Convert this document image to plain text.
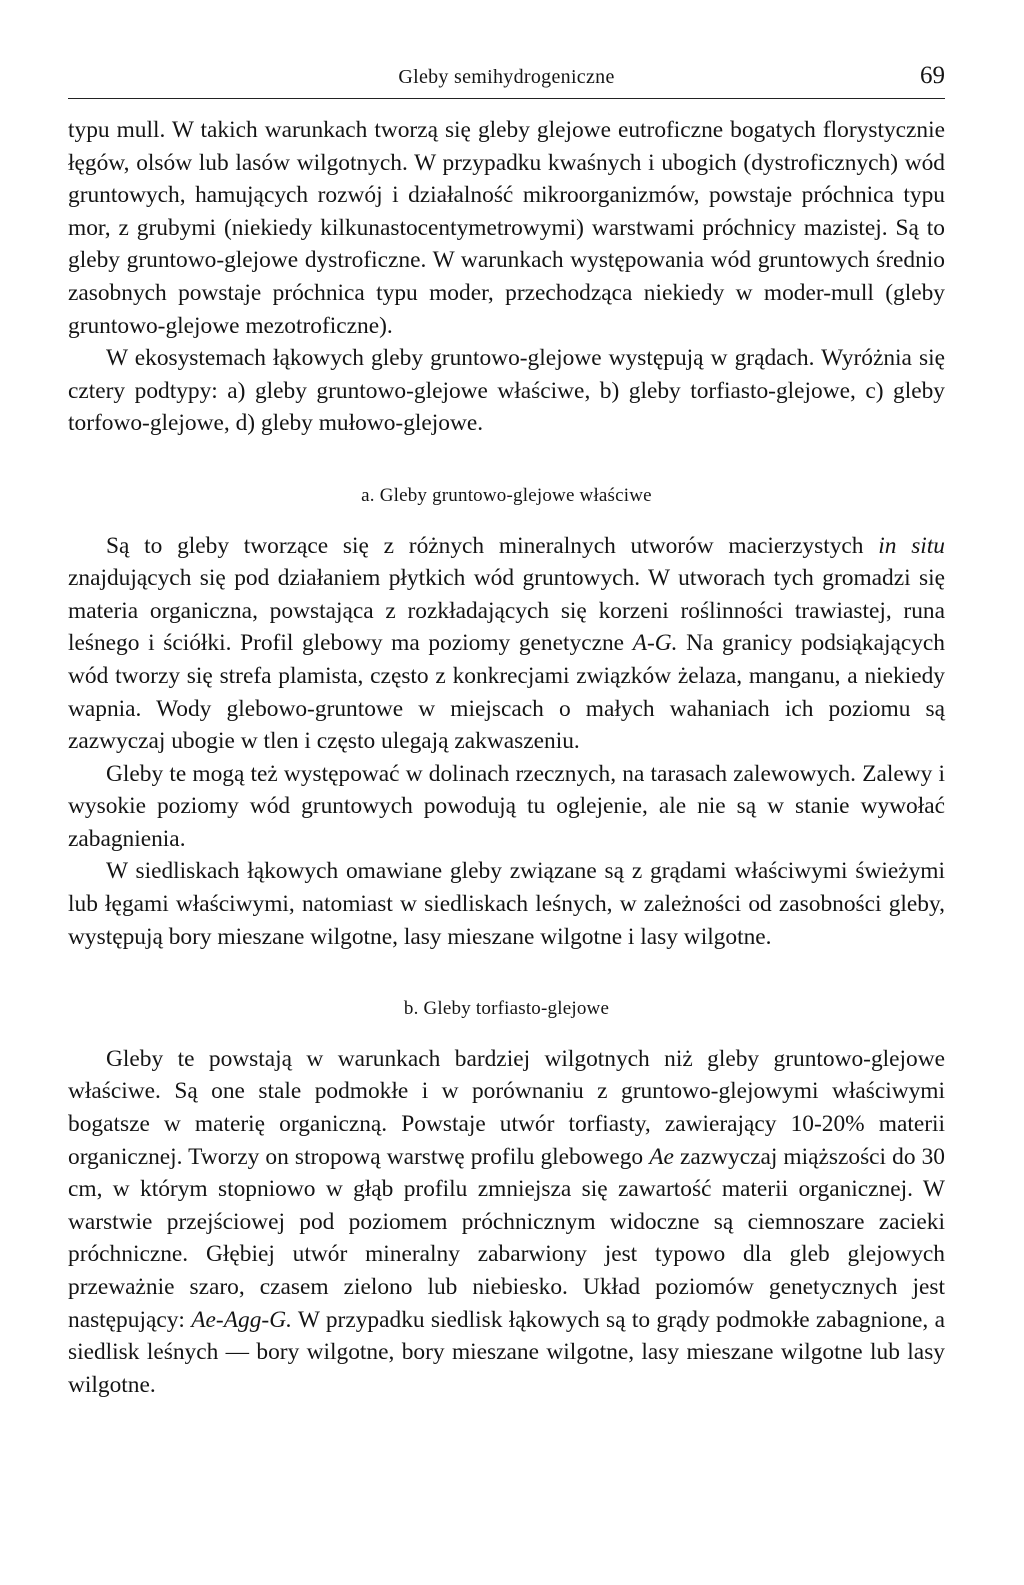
Gleby semihydrogeniczne	69

typu mull. W takich warunkach tworzą się gleby glejowe eutroficzne bogatych florystycznie łęgów, olsów lub lasów wilgotnych. W przypadku kwaśnych i ubogich (dystroficznych) wód gruntowych, hamujących rozwój i działalność mikroorganizmów, powstaje próchnica typu mor, z grubymi (niekiedy kilkunastocentymetrowymi) warstwami próchnicy mazistej. Są to gleby gruntowo-glejowe dystroficzne. W warunkach występowania wód gruntowych średnio zasobnych powstaje próchnica typu moder, przechodząca niekiedy w moder-mull (gleby gruntowo-glejowe mezotroficzne).

W ekosystemach łąkowych gleby gruntowo-glejowe występują w grądach. Wyróżnia się cztery podtypy: a) gleby gruntowo-glejowe właściwe, b) gleby torfiasto-glejowe, c) gleby torfowo-glejowe, d) gleby mułowo-glejowe.

a. Gleby gruntowo-glejowe właściwe

Są to gleby tworzące się z różnych mineralnych utworów macierzystych in situ znajdujących się pod działaniem płytkich wód gruntowych. W utworach tych gromadzi się materia organiczna, powstająca z rozkładających się korzeni roślinności trawiastej, runa leśnego i ściółki. Profil glebowy ma poziomy genetyczne A-G. Na granicy podsiąkających wód tworzy się strefa plamista, często z konkrecjami związków żelaza, manganu, a niekiedy wapnia. Wody glebowo-gruntowe w miejscach o małych wahaniach ich poziomu są zazwyczaj ubogie w tlen i często ulegają zakwaszeniu.

Gleby te mogą też występować w dolinach rzecznych, na tarasach zalewowych. Zalewy i wysokie poziomy wód gruntowych powodują tu oglejenie, ale nie są w stanie wywołać zabagnienia.

W siedliskach łąkowych omawiane gleby związane są z grądami właściwymi świeżymi lub łęgami właściwymi, natomiast w siedliskach leśnych, w zależności od zasobności gleby, występują bory mieszane wilgotne, lasy mieszane wilgotne i lasy wilgotne.

b. Gleby torfiasto-glejowe

Gleby te powstają w warunkach bardziej wilgotnych niż gleby gruntowo-glejowe właściwe. Są one stale podmokłe i w porównaniu z gruntowo-glejowymi właściwymi bogatsze w materię organiczną. Powstaje utwór torfiasty, zawierający 10-20% materii organicznej. Tworzy on stropową warstwę profilu glebowego Ae zazwyczaj miąższości do 30 cm, w którym stopniowo w głąb profilu zmniejsza się zawartość materii organicznej. W warstwie przejściowej pod poziomem próchnicznym widoczne są ciemnoszare zacieki próchniczne. Głębiej utwór mineralny zabarwiony jest typowo dla gleb glejowych przeważnie szaro, czasem zielono lub niebiesko. Układ poziomów genetycznych jest następujący: Ae-Agg-G. W przypadku siedlisk łąkowych są to grądy podmokłe zabagnione, a siedlisk leśnych — bory wilgotne, bory mieszane wilgotne, lasy mieszane wilgotne lub lasy wilgotne.
